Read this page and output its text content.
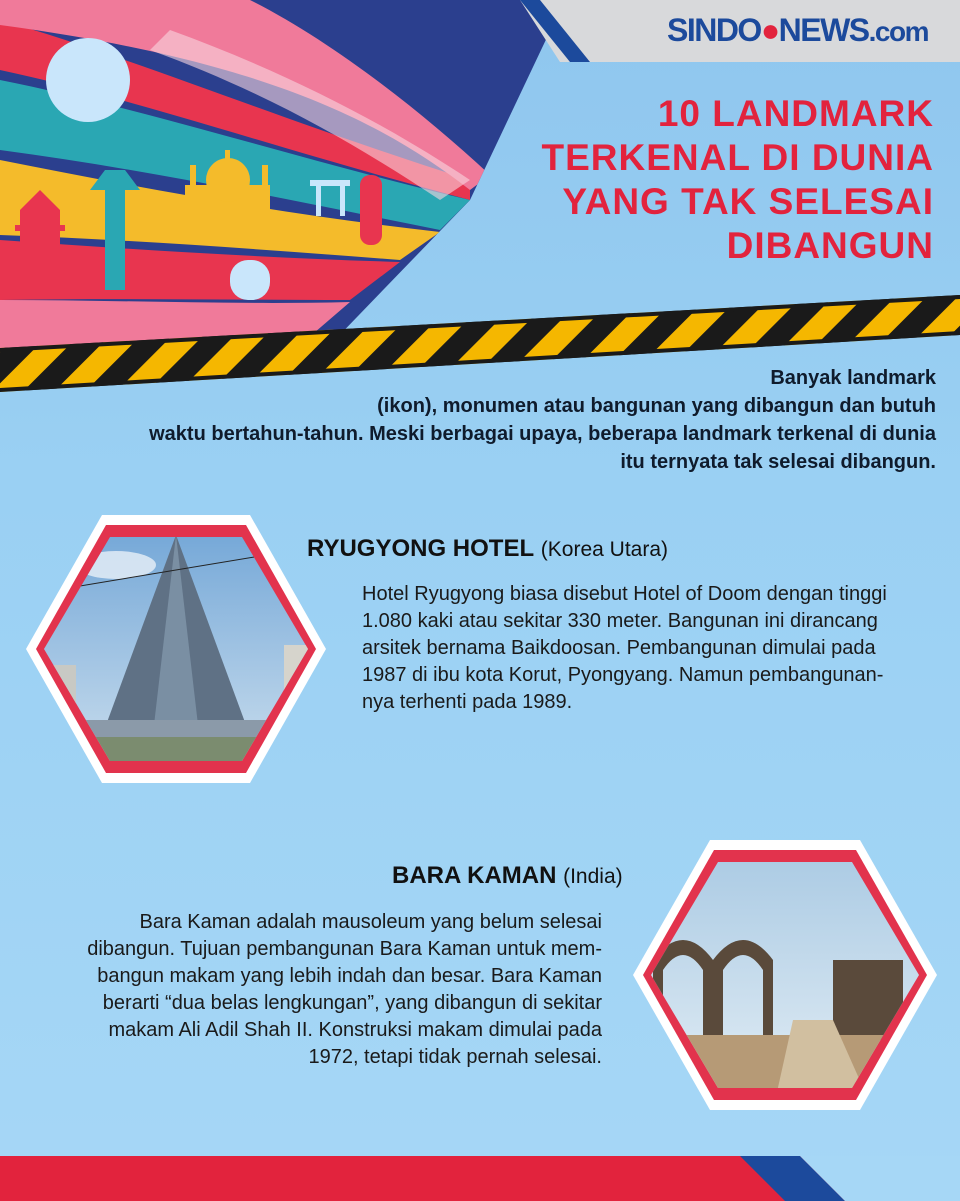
SINDO●NEWS.com
10 LANDMARK
TERKENAL DI DUNIA
YANG TAK SELESAI
DIBANGUN
Banyak landmark
(ikon), monumen atau bangunan yang dibangun dan butuh
waktu bertahun-tahun. Meski berbagai upaya, beberapa landmark terkenal di dunia
itu ternyata tak selesai dibangun.
RYUGYONG HOTEL (Korea Utara)
Hotel Ryugyong biasa disebut Hotel of Doom dengan tinggi
1.080 kaki atau sekitar 330 meter. Bangunan ini dirancang
arsitek bernama Baikdoosan. Pembangunan dimulai pada
1987 di ibu kota Korut, Pyongyang. Namun pembangunan-
nya terhenti pada 1989.
BARA KAMAN (India)
Bara Kaman adalah mausoleum yang belum selesai
dibangun. Tujuan pembangunan Bara Kaman untuk mem-
bangun makam yang lebih indah dan besar. Bara Kaman
berarti “dua belas lengkungan”, yang dibangun di sekitar
makam Ali Adil Shah II. Konstruksi makam dimulai pada
1972, tetapi tidak pernah selesai.
